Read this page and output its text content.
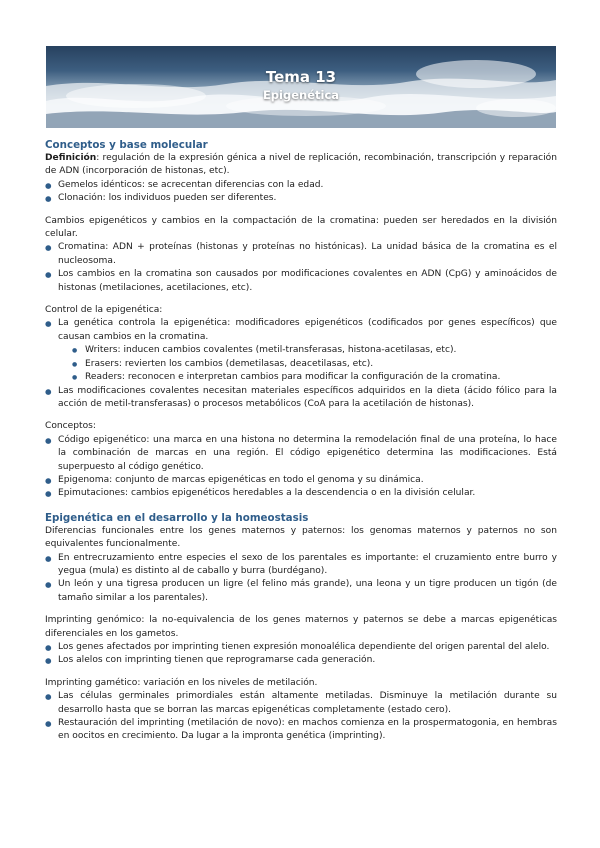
Tema 13
Epigenética
Conceptos y base molecular

Definición: regulación de la expresión génica a nivel de replicación, recombinación, transcripción y reparación de ADN (incorporación de histonas, etc).

● Gemelos idénticos: se acrecentan diferencias con la edad.
● Clonación: los individuos pueden ser diferentes.

Cambios epigenéticos y cambios en la compactación de la cromatina: pueden ser heredados en la división celular.

● Cromatina: ADN + proteínas (histonas y proteínas no histónicas). La unidad básica de la cromatina es el nucleosoma.
● Los cambios en la cromatina son causados por modificaciones covalentes en ADN (CpG) y aminoácidos de histonas (metilaciones, acetilaciones, etc).

Control de la epigenética:

● La genética controla la epigenética: modificadores epigenéticos (codificados por genes específicos) que causan cambios en la cromatina.
● Writers: inducen cambios covalentes (metil-transferasas, histona-acetilasas, etc).
● Erasers: revierten los cambios (demetilasas, deacetilasas, etc).
● Readers: reconocen e interpretan cambios para modificar la configuración de la cromatina.
● Las modificaciones covalentes necesitan materiales específicos adquiridos en la dieta (ácido fólico para la acción de metil-transferasas) o procesos metabólicos (CoA para la acetilación de histonas).

Conceptos:

● Código epigenético: una marca en una histona no determina la remodelación final de una proteína, lo hace la combinación de marcas en una región. El código epigenético determina las modificaciones. Está superpuesto al código genético.
● Epigenoma: conjunto de marcas epigenéticas en todo el genoma y su dinámica.
● Epimutaciones: cambios epigenéticos heredables a la descendencia o en la división celular.
Epigenética en el desarrollo y la homeostasis

Diferencias funcionales entre los genes maternos y paternos: los genomas maternos y paternos no son equivalentes funcionalmente.

● En entrecruzamiento entre especies el sexo de los parentales es importante: el cruzamiento entre burro y yegua (mula) es distinto al de caballo y burra (burdégano).
● Un león y una tigresa producen un ligre (el felino más grande), una leona y un tigre producen un tigón (de tamaño similar a los parentales).

Imprinting genómico: la no-equivalencia de los genes maternos y paternos se debe a marcas epigenéticas diferenciales en los gametos.

● Los genes afectados por imprinting tienen expresión monoalélica dependiente del origen parental del alelo.
● Los alelos con imprinting tienen que reprogramarse cada generación.

Imprinting gamético: variación en los niveles de metilación.

● Las células germinales primordiales están altamente metiladas. Disminuye la metilación durante su desarrollo hasta que se borran las marcas epigenéticas completamente (estado cero).
● Restauración del imprinting (metilación de novo): en machos comienza en la prospermatogonia, en hembras en oocitos en crecimiento. Da lugar a la impronta genética (imprinting).
